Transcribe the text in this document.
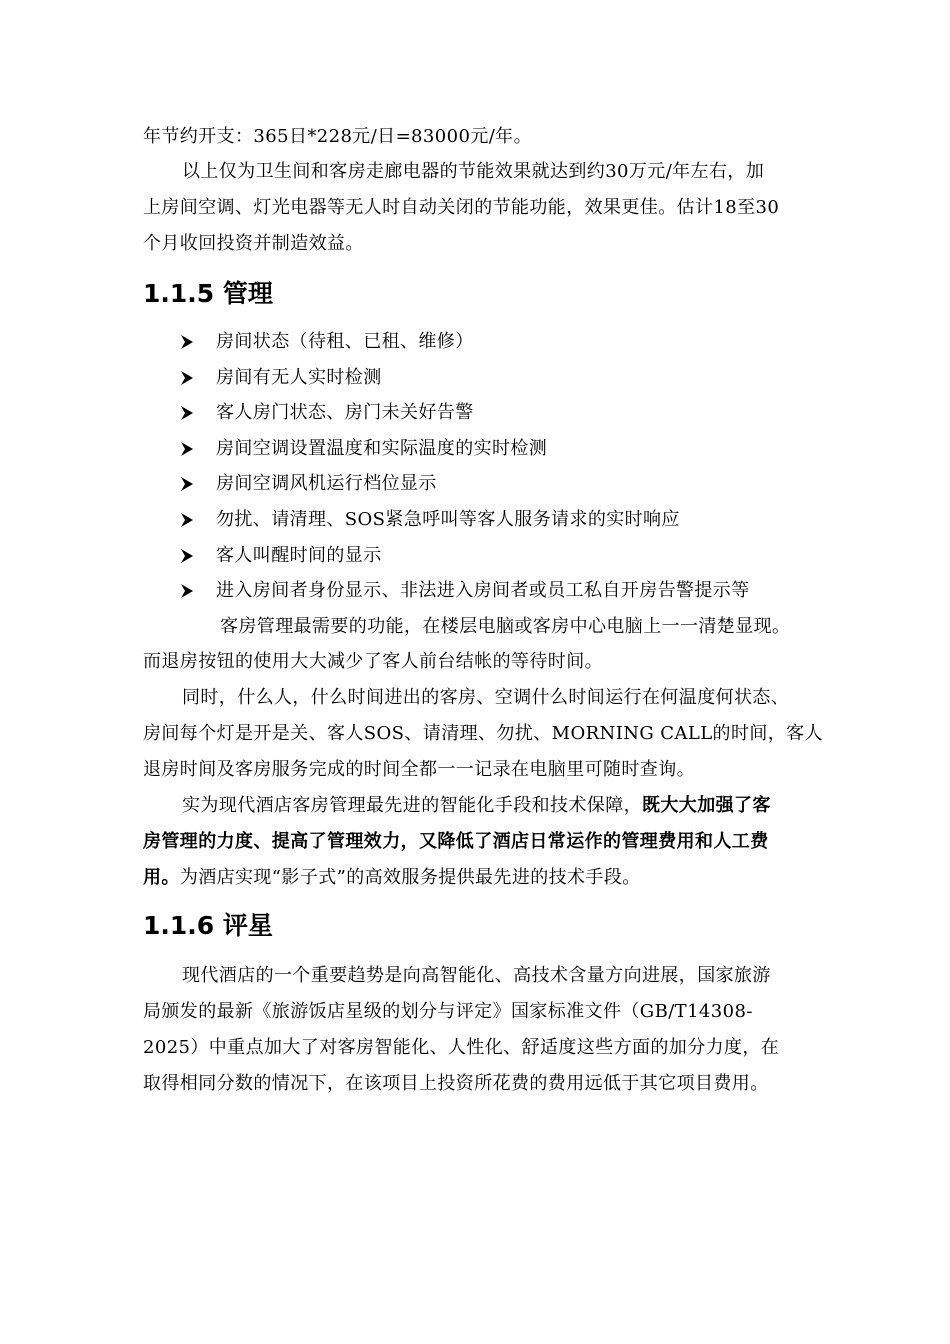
年节约开支：365日*228元/日=83000元/年。
以上仅为卫生间和客房走廊电器的节能效果就达到约30万元/年左右，加
上房间空调、灯光电器等无人时自动关闭的节能功能，效果更佳。估计18至30
个月收回投资并制造效益。
1.1.5 管理
房间状态（待租、已租、维修）
房间有无人实时检测
客人房门状态、房门未关好告警
房间空调设置温度和实际温度的实时检测
房间空调风机运行档位显示
勿扰、请清理、SOS紧急呼叫等客人服务请求的实时响应
客人叫醒时间的显示
进入房间者身份显示、非法进入房间者或员工私自开房告警提示等
客房管理最需要的功能，在楼层电脑或客房中心电脑上一一清楚显现。
而退房按钮的使用大大减少了客人前台结帐的等待时间。
同时，什么人，什么时间进出的客房、空调什么时间运行在何温度何状态、
房间每个灯是开是关、客人SOS、请清理、勿扰、MORNING CALL的时间，客人
退房时间及客房服务完成的时间全都一一记录在电脑里可随时查询。
实为现代酒店客房管理最先进的智能化手段和技术保障，既大大加强了客
房管理的力度、提高了管理效力，又降低了酒店日常运作的管理费用和人工费
用。为酒店实现“影子式”的高效服务提供最先进的技术手段。
1.1.6 评星
现代酒店的一个重要趋势是向高智能化、高技术含量方向进展，国家旅游
局颁发的最新《旅游饭店星级的划分与评定》国家标准文件（GB/T14308-
2025）中重点加大了对客房智能化、人性化、舒适度这些方面的加分力度，在
取得相同分数的情况下，在该项目上投资所花费的费用远低于其它项目费用。
